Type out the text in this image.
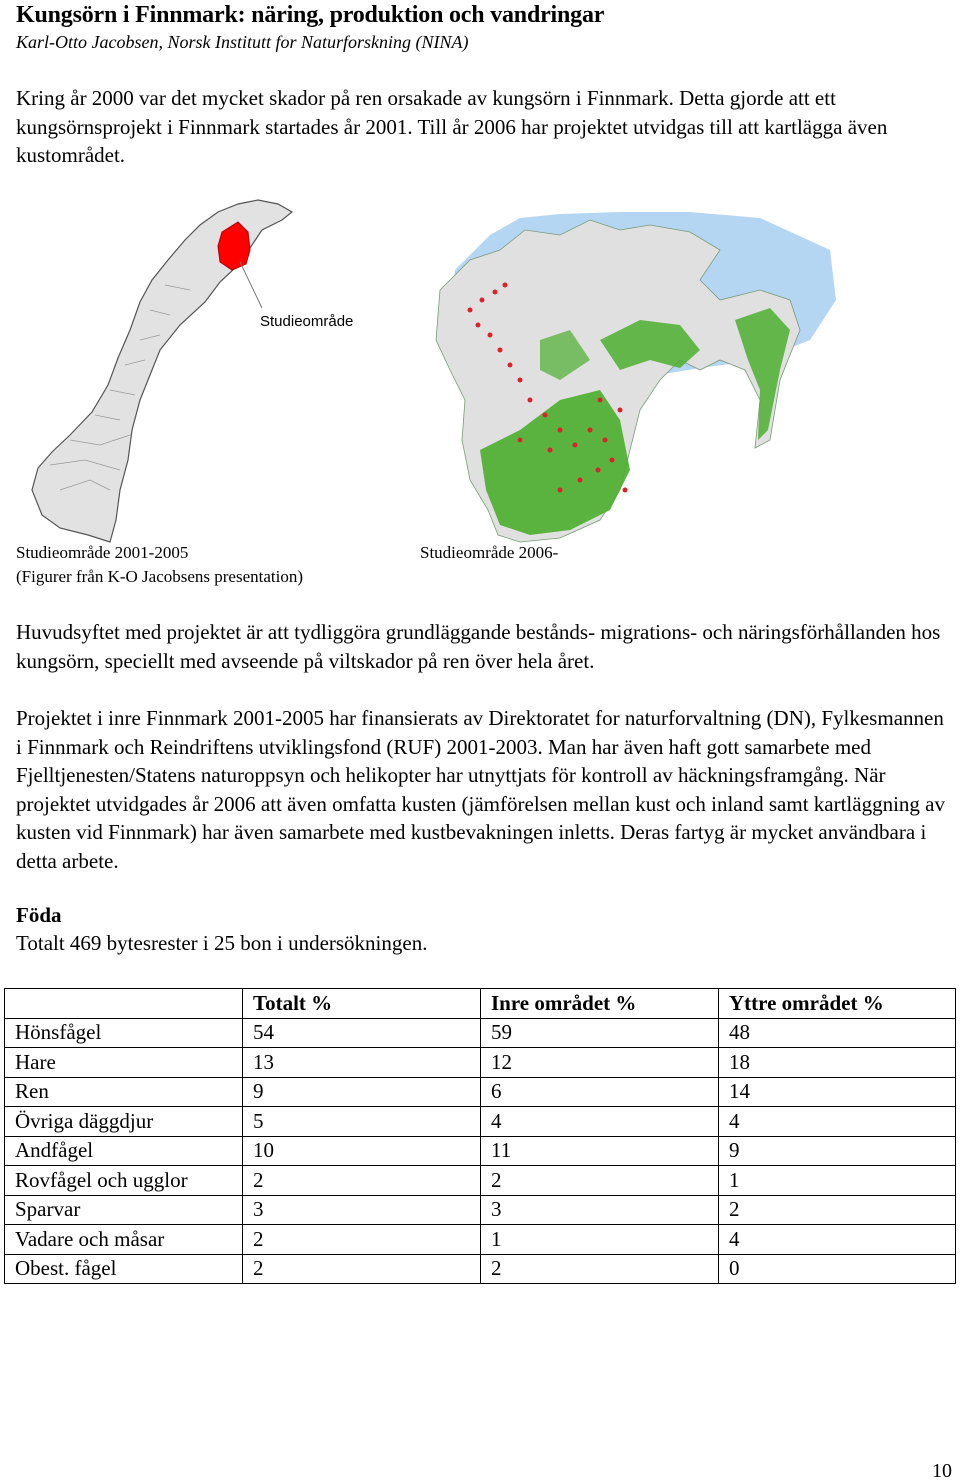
Kungsörn i Finnmark: näring, produktion och vandringar
Karl-Otto Jacobsen, Norsk Institutt for Naturforskning (NINA)

Kring år 2000 var det mycket skador på ren orsakade av kungsörn i Finnmark. Detta gjorde att ett kungsörnsprojekt i Finnmark startades år 2001. Till år 2006 har projektet utvidgas till att kartlägga även kustområdet.

Studieområde
Studieområde 2001-2005
(Figurer från K-O Jacobsens presentation)
Studieområde 2006-

Huvudsyftet med projektet är att tydliggöra grundläggande bestånds- migrations- och näringsförhållanden hos kungsörn, speciellt med avseende på viltskador på ren över hela året.

Projektet i inre Finnmark 2001-2005 har finansierats av Direktoratet for naturforvaltning (DN), Fylkesmannen i Finnmark och Reindriftens utviklingsfond (RUF) 2001-2003. Man har även haft gott samarbete med Fjelltjenesten/Statens naturoppsyn och helikopter har utnyttjats för kontroll av häckningsframgång. När projektet utvidgades år 2006 att även omfatta kusten (jämförelsen mellan kust och inland samt kartläggning av kusten vid Finnmark) har även samarbete med kustbevakningen inletts. Deras fartyg är mycket användbara i detta arbete.

Föda
Totalt 469 bytesrester i 25 bon i undersökningen.
	Totalt %	Inre området %	Yttre området %
Hönsfågel	54	59	48
Hare	13	12	18
Ren	9	6	14
Övriga däggdjur	5	4	4
Andfågel	10	11	9
Rovfågel och ugglor	2	2	1
Sparvar	3	3	2
Vadare och måsar	2	1	4
Obest. fågel	2	2	0
10
